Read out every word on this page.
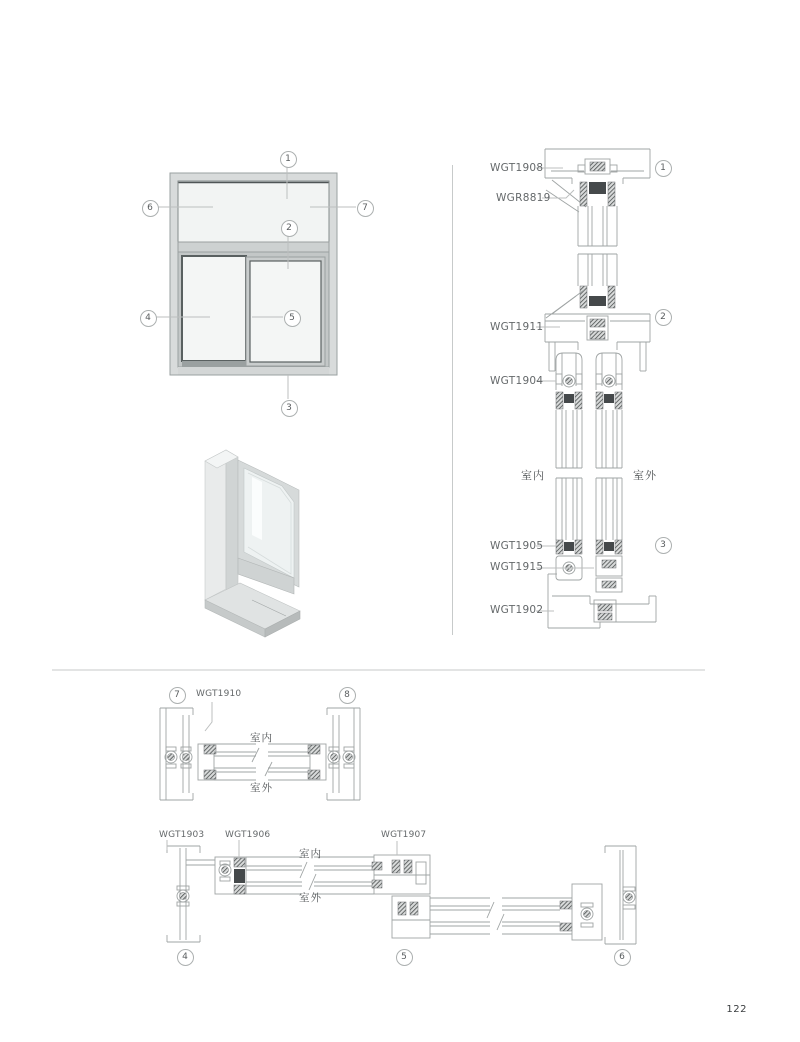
1
6	7
2
4	5
3
WGT1908
WGR8819
WGT1911
WGT1904
WGT1905
WGT1915
WGT1902
室内	室外
1
2
3
7	8
WGT1910
室内
室外
WGT1903 WGT1906	WGT1907
室内
室外
4	5	6
122
